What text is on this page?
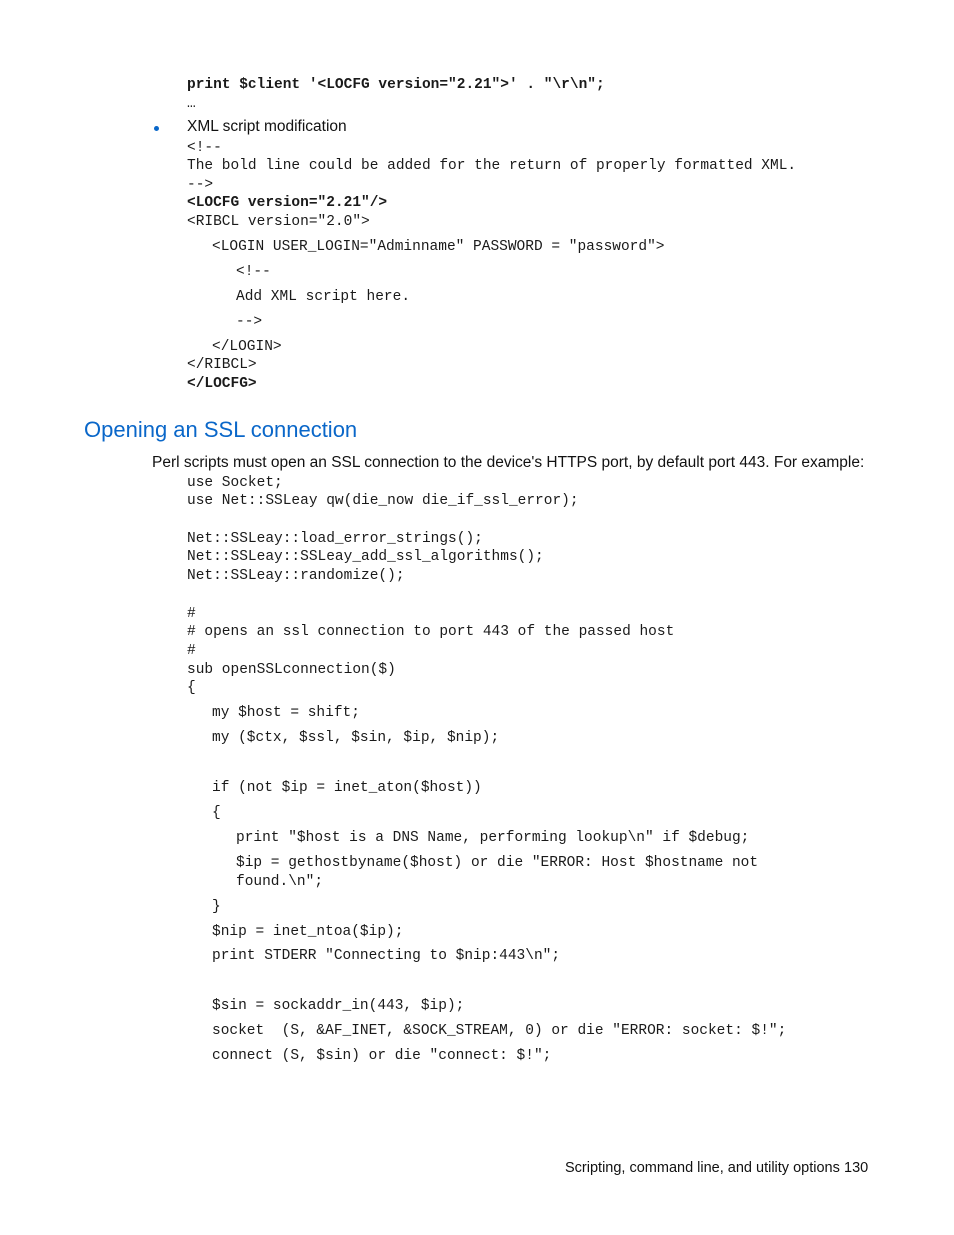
print $client '<LOCFG version="2.21">' . "\r\n";
…
XML script modification
<!--
The bold line could be added for the return of properly formatted XML.
-->
<LOCFG version="2.21"/>
<RIBCL version="2.0">
<LOGIN USER_LOGIN="Adminname" PASSWORD = "password">
<!--
Add XML script here.
-->
</LOGIN>
</RIBCL>
</LOCFG>
Opening an SSL connection
Perl scripts must open an SSL connection to the device's HTTPS port, by default port 443. For example:
use Socket;
use Net::SSLeay qw(die_now die_if_ssl_error);
Net::SSLeay::load_error_strings();
Net::SSLeay::SSLeay_add_ssl_algorithms();
Net::SSLeay::randomize();
#
# opens an ssl connection to port 443 of the passed host
#
sub openSSLconnection($)
{
my $host = shift;
my ($ctx, $ssl, $sin, $ip, $nip);
if (not $ip = inet_aton($host))
{
print "$host is a DNS Name, performing lookup\n" if $debug;
$ip = gethostbyname($host) or die "ERROR: Host $hostname not
found.\n";
}
$nip = inet_ntoa($ip);
print STDERR "Connecting to $nip:443\n";
$sin = sockaddr_in(443, $ip);
socket  (S, &AF_INET, &SOCK_STREAM, 0) or die "ERROR: socket: $!";
connect (S, $sin) or die "connect: $!";
Scripting, command line, and utility options 130
